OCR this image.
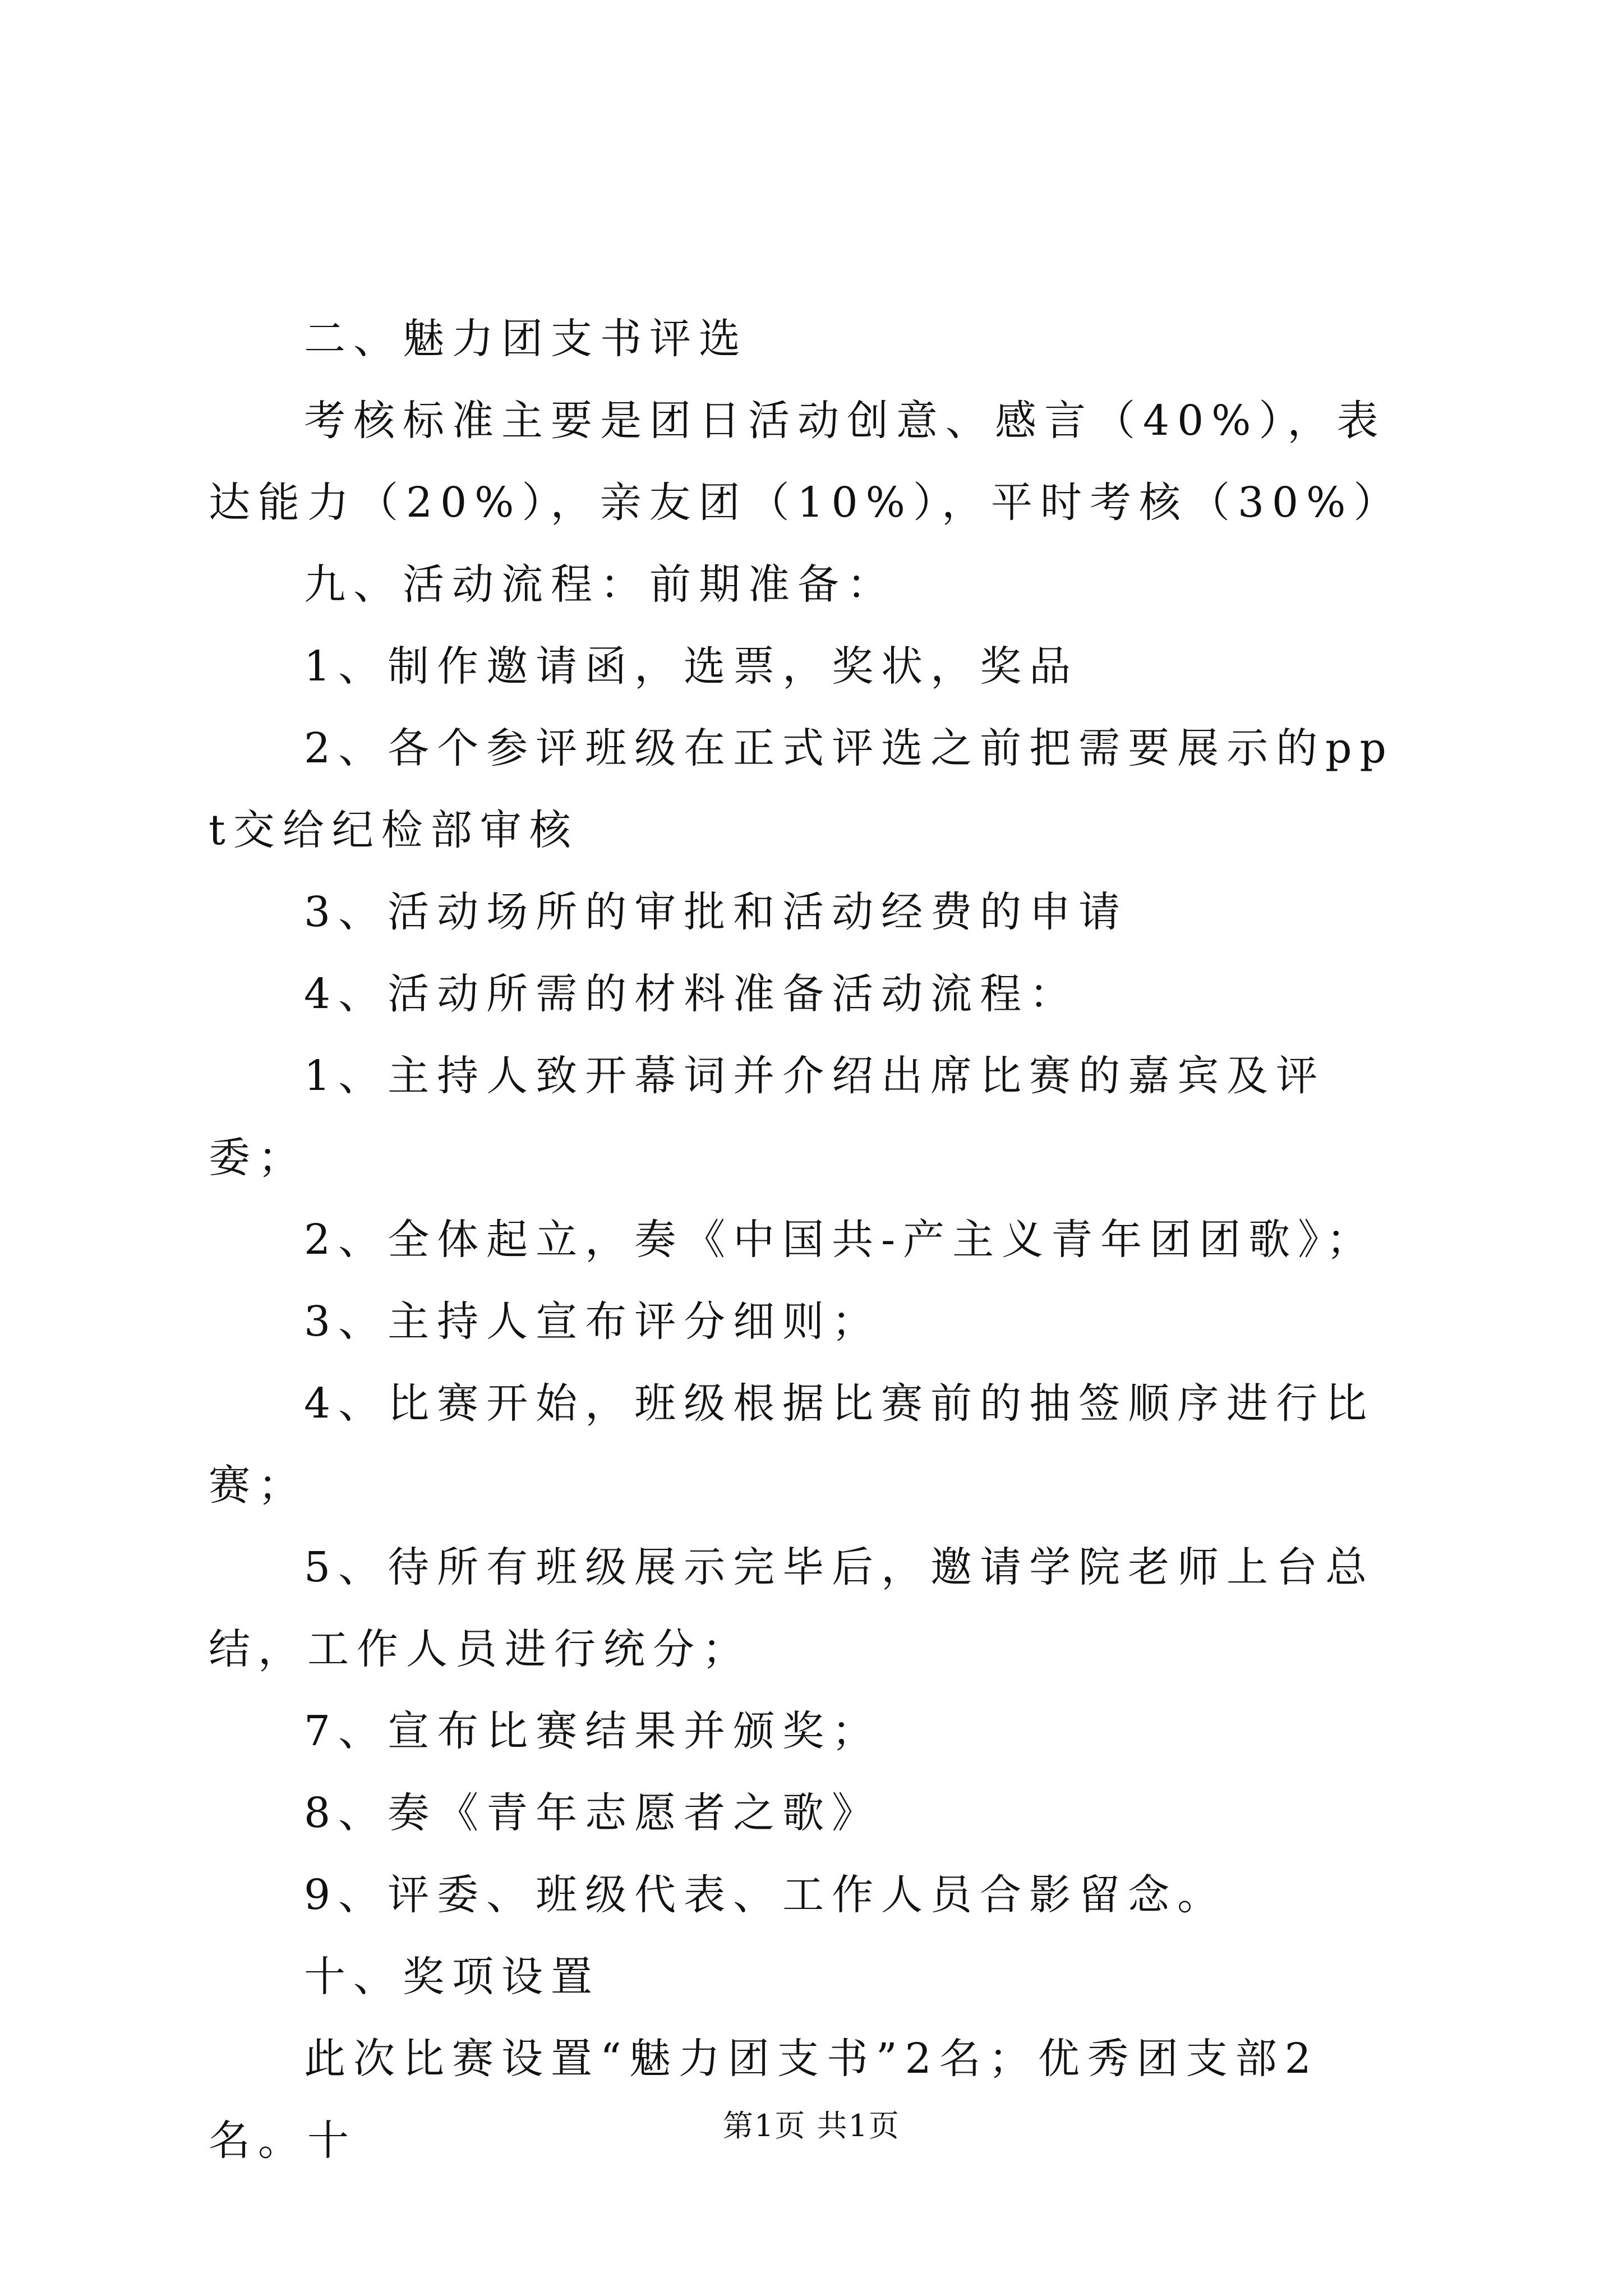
二、魅力团支书评选

考核标准主要是团日活动创意、感言（40%），表达能力（20%），亲友团（10%），平时考核（30%）

九、活动流程：前期准备：

1、制作邀请函，选票，奖状，奖品

2、各个参评班级在正式评选之前把需要展示的ppt交给纪检部审核

3、活动场所的审批和活动经费的申请

4、活动所需的材料准备活动流程：

1、主持人致开幕词并介绍出席比赛的嘉宾及评委；

2、全体起立，奏《中国共-产主义青年团团歌》；

3、主持人宣布评分细则；

4、比赛开始，班级根据比赛前的抽签顺序进行比赛；

5、待所有班级展示完毕后，邀请学院老师上台总结，工作人员进行统分；

7、宣布比赛结果并颁奖；

8、奏《青年志愿者之歌》

9、评委、班级代表、工作人员合影留念。

十、奖项设置

此次比赛设置“魅力团支书”2名；优秀团支部2名。十	第1页 共1页
